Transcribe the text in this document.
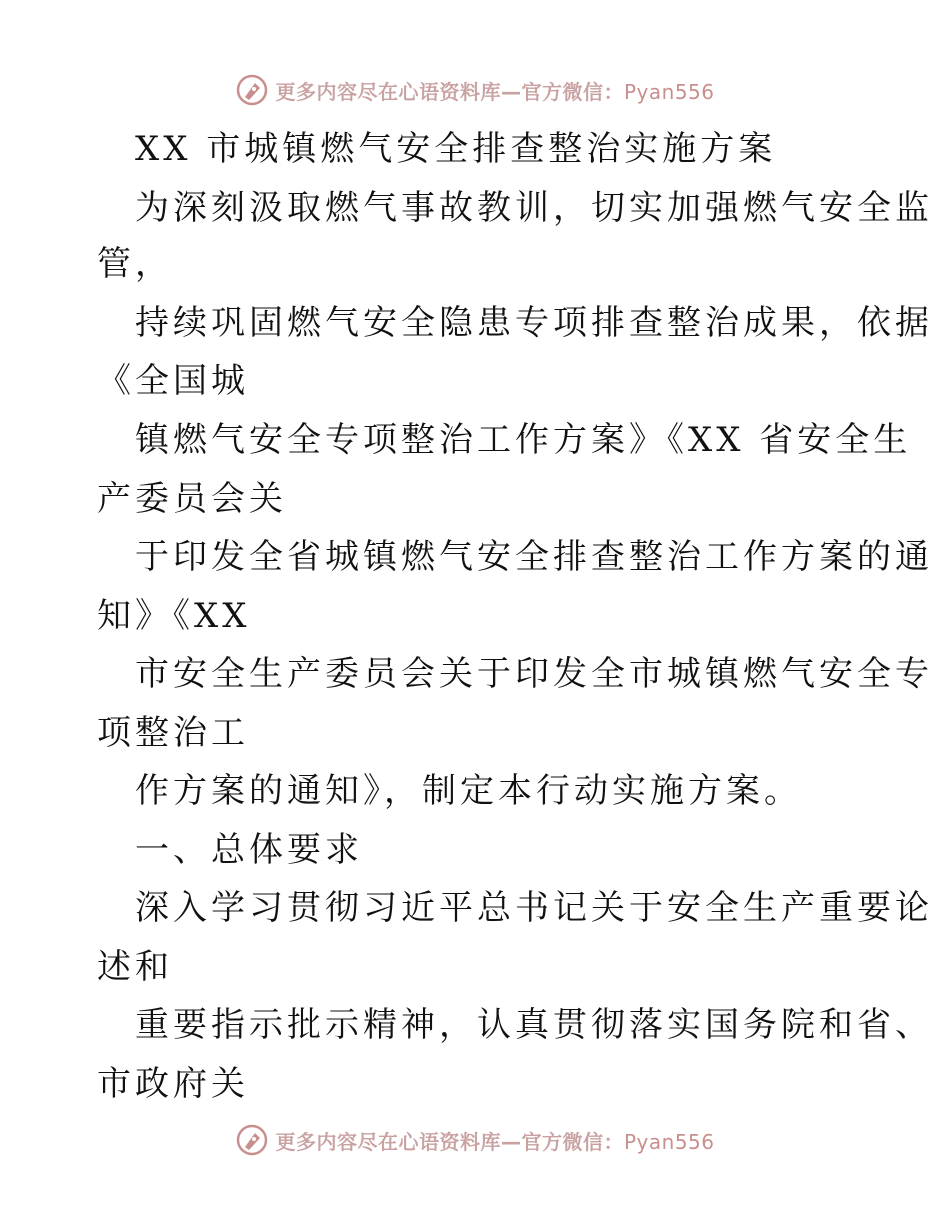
更多内容尽在心语资料库—官方微信：Pyan556
XX 市城镇燃气安全排查整治实施方案
为深刻汲取燃气事故教训，切实加强燃气安全监
管，
持续巩固燃气安全隐患专项排查整治成果，依据
《全国城
镇燃气安全专项整治工作方案》《XX 省安全生
产委员会关
于印发全省城镇燃气安全排查整治工作方案的通
知》《XX
市安全生产委员会关于印发全市城镇燃气安全专
项整治工
作方案的通知》，制定本行动实施方案。
一、总体要求
深入学习贯彻习近平总书记关于安全生产重要论
述和
重要指示批示精神，认真贯彻落实国务院和省、
市政府关
更多内容尽在心语资料库—官方微信：Pyan556
